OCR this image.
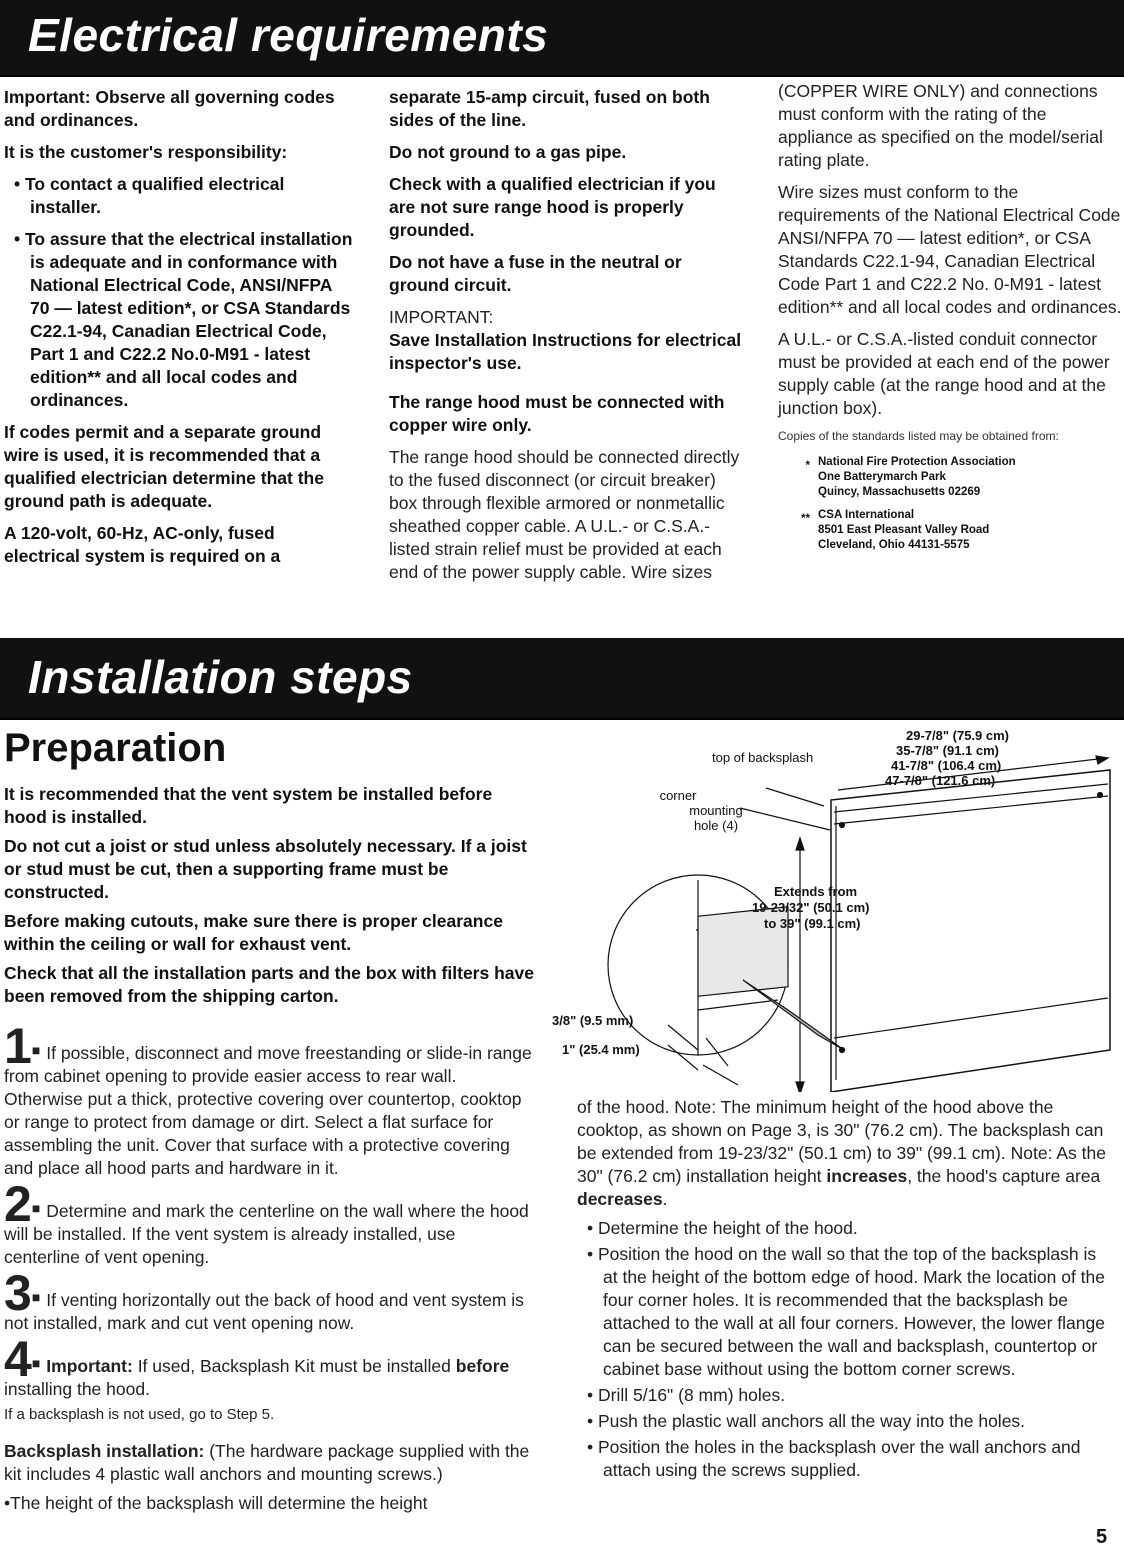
Electrical requirements

Important: Observe all governing codes and ordinances.

It is the customer's responsibility:

• To contact a qualified electrical installer.

• To assure that the electrical installation is adequate and in conformance with National Electrical Code, ANSI/NFPA 70 — latest edition*, or CSA Standards C22.1-94, Canadian Electrical Code, Part 1 and C22.2 No.0-M91 - latest edition** and all local codes and ordinances.

If codes permit and a separate ground wire is used, it is recommended that a qualified electrician determine that the ground path is adequate.

A 120-volt, 60-Hz, AC-only, fused electrical system is required on a

separate 15-amp circuit, fused on both sides of the line.

Do not ground to a gas pipe.

Check with a qualified electrician if you are not sure range hood is properly grounded.

Do not have a fuse in the neutral or ground circuit.

IMPORTANT:
Save Installation Instructions for electrical inspector's use.

The range hood must be connected with copper wire only.

The range hood should be connected directly to the fused disconnect (or circuit breaker) box through flexible armored or nonmetallic sheathed copper cable. A U.L.- or C.S.A.-listed strain relief must be provided at each end of the power supply cable. Wire sizes

(COPPER WIRE ONLY) and connections must conform with the rating of the appliance as specified on the model/serial rating plate.

Wire sizes must conform to the requirements of the National Electrical Code ANSI/NFPA 70 — latest edition*, or CSA Standards C22.1-94, Canadian Electrical Code Part 1 and C22.2 No. 0-M91 - latest edition** and all local codes and ordinances.

A U.L.- or C.S.A.-listed conduit connector must be provided at each end of the power supply cable (at the range hood and at the junction box).

Copies of the standards listed may be obtained from:

* National Fire Protection Association
One Batterymarch Park
Quincy, Massachusetts 02269
** CSA International
8501 East Pleasant Valley Road
Cleveland, Ohio 44131-5575
Installation steps
Preparation

It is recommended that the vent system be installed before hood is installed.

Do not cut a joist or stud unless absolutely necessary. If a joist or stud must be cut, then a supporting frame must be constructed.

Before making cutouts, make sure there is proper clearance within the ceiling or wall for exhaust vent.

Check that all the installation parts and the box with filters have been removed from the shipping carton.

1■ If possible, disconnect and move freestanding or slide-in range from cabinet opening to provide easier access to rear wall. Otherwise put a thick, protective covering over countertop, cooktop or range to protect from damage or dirt. Select a flat surface for assembling the unit. Cover that surface with a protective covering and place all hood parts and hardware in it.

2■ Determine and mark the centerline on the wall where the hood will be installed. If the vent system is already installed, use centerline of vent opening.

3■ If venting horizontally out the back of hood and vent system is not installed, mark and cut vent opening now.

4■ Important: If used, Backsplash Kit must be installed before installing the hood.

If a backsplash is not used, go to Step 5.

Backsplash installation: (The hardware package supplied with the kit includes 4 plastic wall anchors and mounting screws.)

•The height of the backsplash will determine the height

29-7/8" (75.9 cm)
35-7/8" (91.1 cm)
41-7/8" (106.4 cm)
47-7/8" (121.6 cm)
top of backsplash
corner
mounting
hole (4)
Extends from
19-23/32" (50.1 cm)
to 39" (99.1 cm)
3/8" (9.5 mm)
1" (25.4 mm)

of the hood. Note: The minimum height of the hood above the cooktop, as shown on Page 3, is 30" (76.2 cm). The backsplash can be extended from 19-23/32" (50.1 cm) to 39" (99.1 cm). Note: As the 30" (76.2 cm) installation height increases, the hood's capture area decreases.

• Determine the height of the hood.

• Position the hood on the wall so that the top of the backsplash is at the height of the bottom edge of hood. Mark the location of the four corner holes. It is recommended that the backsplash be attached to the wall at all four corners. However, the lower flange can be secured between the wall and backsplash, countertop or cabinet base without using the bottom corner screws.

• Drill 5/16" (8 mm) holes.

• Push the plastic wall anchors all the way into the holes.

• Position the holes in the backsplash over the wall anchors and attach using the screws supplied.

5
